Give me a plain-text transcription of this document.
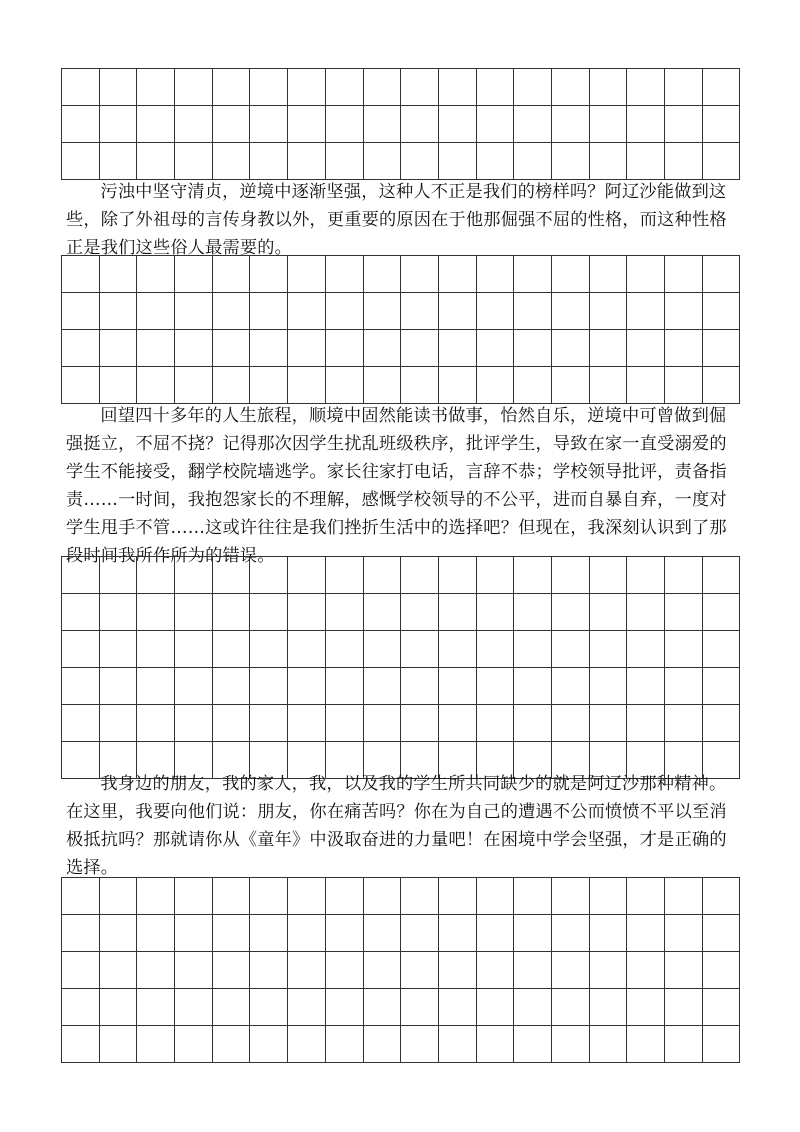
污浊中坚守清贞，逆境中逐渐坚强，这种人不正是我们的榜样吗？阿辽沙能做到这些，除了外祖母的言传身教以外，更重要的原因在于他那倔强不屈的性格，而这种性格正是我们这些俗人最需要的。

回望四十多年的人生旅程，顺境中固然能读书做事，怡然自乐，逆境中可曾做到倔强挺立，不屈不挠？记得那次因学生扰乱班级秩序，批评学生，导致在家一直受溺爱的学生不能接受，翻学校院墙逃学。家长往家打电话，言辞不恭；学校领导批评，责备指责……一时间，我抱怨家长的不理解，感慨学校领导的不公平，进而自暴自弃，一度对学生甩手不管……这或许往往是我们挫折生活中的选择吧？但现在，我深刻认识到了那段时间我所作所为的错误。

我身边的朋友，我的家人，我，以及我的学生所共同缺少的就是阿辽沙那种精神。在这里，我要向他们说：朋友，你在痛苦吗？你在为自己的遭遇不公而愤愤不平以至消极抵抗吗？那就请你从《童年》中汲取奋进的力量吧！在困境中学会坚强，才是正确的选择。
